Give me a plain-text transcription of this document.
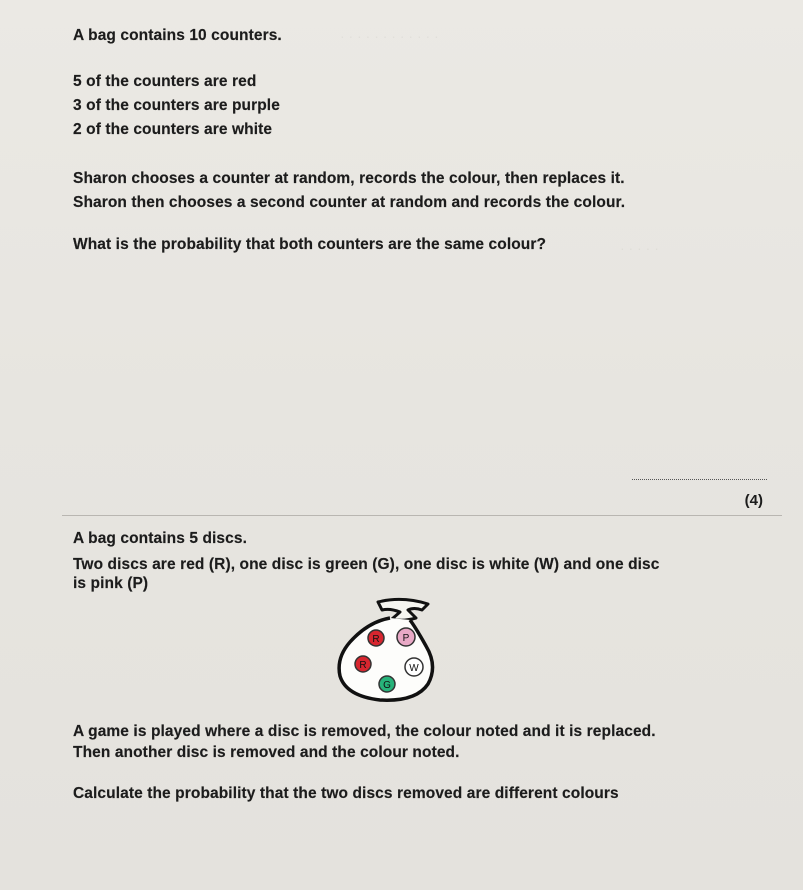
· · · · · · · · · · · ·
· · · · ·
A bag contains 10 counters.
5 of the counters are red
3 of the counters are purple
2 of the counters are white
Sharon chooses a counter at random, records the colour, then replaces it.
Sharon then chooses a second counter at random and records the colour.
What is the probability that both counters are the same colour?
(4)
A bag contains 5 discs.
Two discs are red (R), one disc is green (G), one disc is white (W) and one disc
is pink (P)
R P
R	W
G
A game is played where a disc is removed, the colour noted and it is replaced.
Then another disc is removed and the colour noted.
Calculate the probability that the two discs removed are different colours
